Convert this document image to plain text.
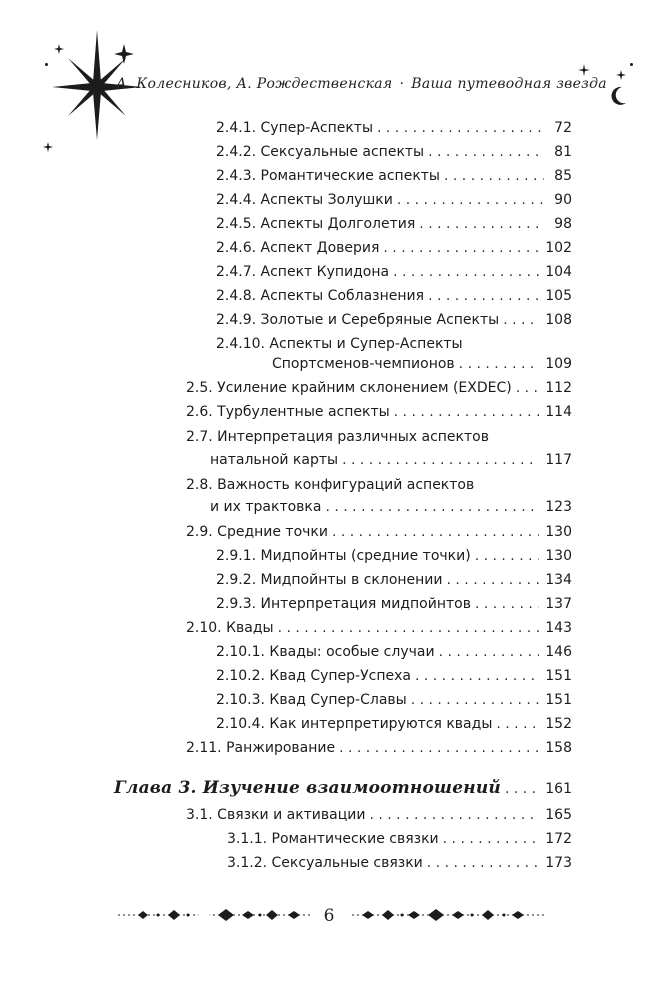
А. Колесников, А. Рождественская · Ваша путеводная звезда
2.4.1. Супер-Аспекты . . .	72
2.4.2. Сексуальные аспекты . . .	81
2.4.3. Романтические аспекты . . .	85
2.4.4. Аспекты Золушки . . .	90
2.4.5. Аспекты Долголетия . . .	98
2.4.6. Аспект Доверия . . .	102
2.4.7. Аспект Купидона . . .	104
2.4.8. Аспекты Соблазнения . . .	105
2.4.9. Золотые и Серебряные Аспекты . . .	108
2.4.10. Аспекты и Супер-Аспекты
Спортсменов-чемпионов . . .	109
2.5. Усиление крайним склонением (EXDEC) . . . 112
2.6. Турбулентные аспекты . . .	114
2.7. Интерпретация различных аспектов
натальной карты . . .	117
2.8. Важность конфигураций аспектов
и их трактовка . . .	123
2.9. Средние точки . . .	130
2.9.1. Мидпойнты (средние точки) . . .	130
2.9.2. Мидпойнты в склонении . . .	134
2.9.3. Интерпретация мидпойнтов . . .	137
2.10. Квады . . .	143
2.10.1. Квады: особые случаи . . .	146
2.10.2. Квад Супер-Успеха . . .	151
2.10.3. Квад Супер-Славы . . .	151
2.10.4. Как интерпретируются квады . . .	152
2.11. Ранжирование . . .	158
Глава 3. Изучение взаимоотношений . . .	161
3.1. Связки и активации . . .	165
3.1.1. Романтические связки . . .	172
3.1.2. Сексуальные связки . . .	173
6
